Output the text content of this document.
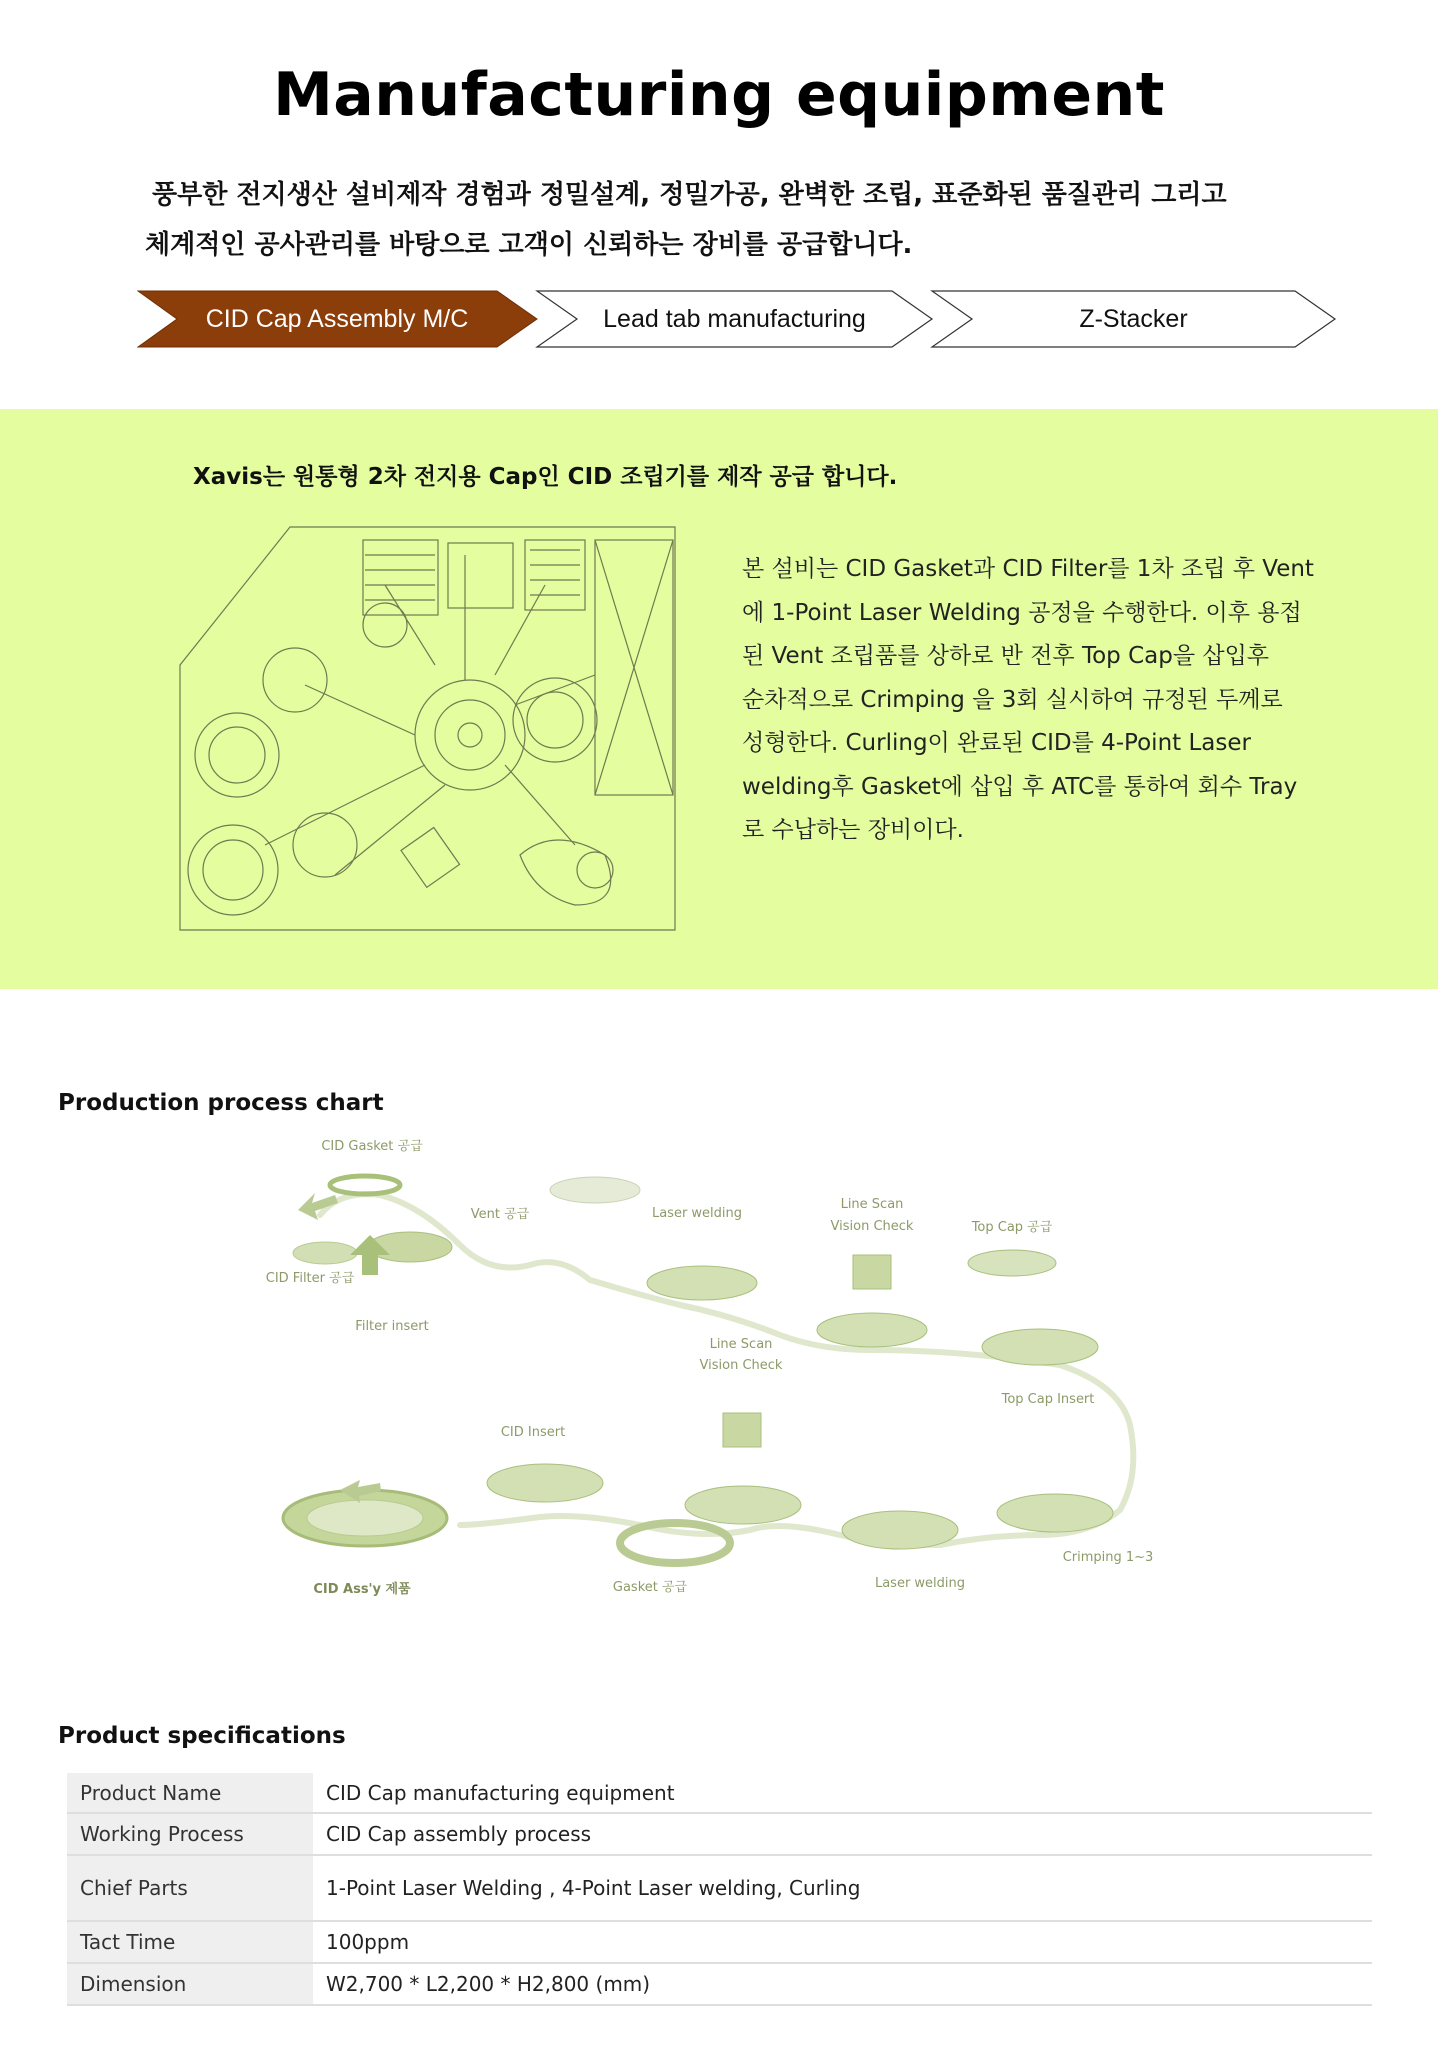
Manufacturing equipment
풍부한 전지생산 설비제작 경험과 정밀설계, 정밀가공, 완벽한 조립, 표준화된 품질관리 그리고
체계적인 공사관리를 바탕으로 고객이 신뢰하는 장비를 공급합니다.
CID Cap Assembly M/C	Lead tab manufacturing	Z-Stacker
Xavis는 원통형 2차 전지용 Cap인 CID 조립기를 제작 공급 합니다.
본 설비는 CID Gasket과 CID Filter를 1차 조립 후 Vent
에 1-Point Laser Welding 공정을 수행한다. 이후 용접
된 Vent 조립품를 상하로 반 전후 Top Cap을 삽입후
순차적으로 Crimping 을 3회 실시하여 규정된 두께로
성형한다. Curling이 완료된 CID를 4-Point Laser
welding후 Gasket에 삽입 후 ATC를 통하여 회수 Tray
로 수납하는 장비이다.
Production process chart
CID Gasket 공급
CID Filter 공급
Filter insert
Vent 공급	Laser welding
Line Scan
Vision Check	Top Cap 공급
Top Cap Insert
Line Scan
Vision Check
CID Insert
Crimping 1~3
Laser welding
Gasket 공급
CID Ass'y 제품
Product specifications
Product Name	CID Cap manufacturing equipment
Working Process	CID Cap assembly process
Chief Parts	1-Point Laser Welding , 4-Point Laser welding, Curling
Tact Time	100ppm
Dimension	W2,700 * L2,200 * H2,800 (mm)
